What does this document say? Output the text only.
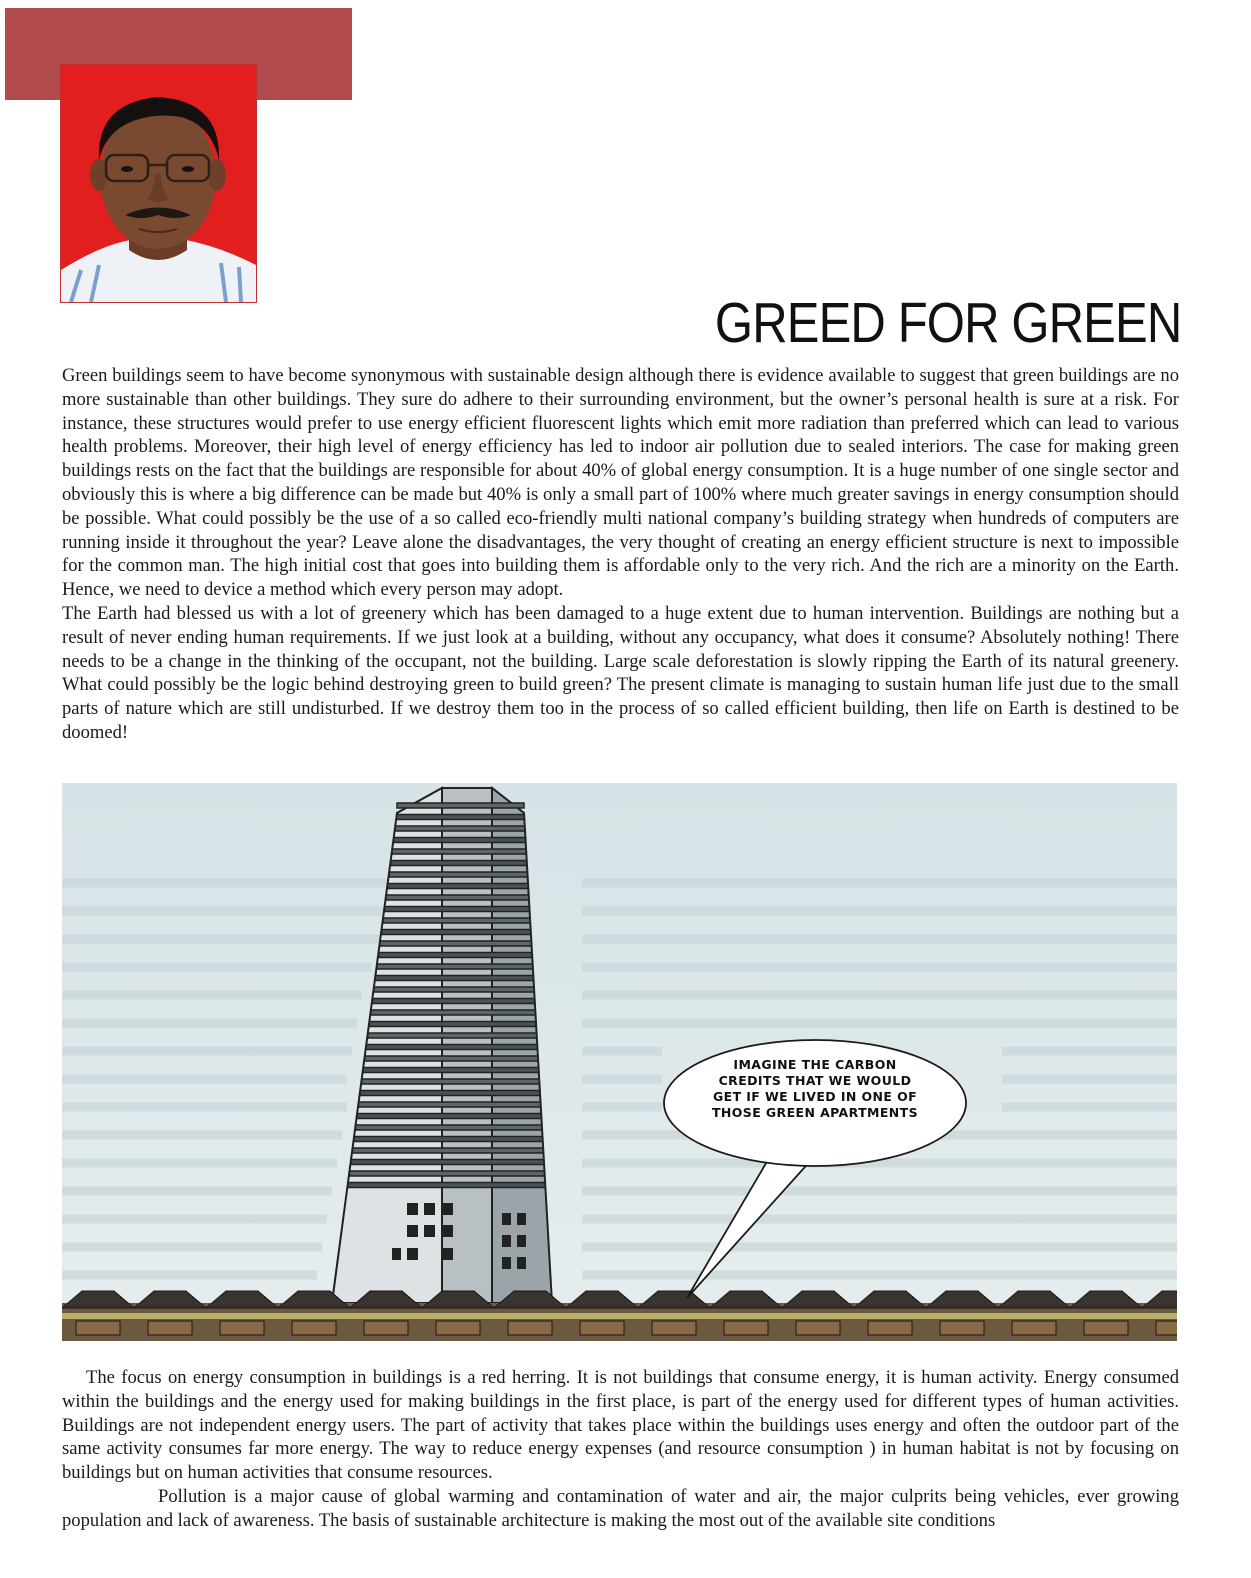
GREED FOR GREEN

Green buildings seem to have become synonymous with sustainable design although there is evidence available to suggest that green buildings are no more sustainable than other buildings. They sure do adhere to their surrounding environment, but the owner’s personal health is sure at a risk. For instance, these structures would prefer to use energy efficient fluorescent lights which emit more radiation than preferred which can lead to various health problems. Moreover, their high level of energy efficiency has led to indoor air pollution due to sealed interiors. The case for making green buildings rests on the fact that the buildings are responsible for about 40% of global energy consumption. It is a huge number of one single sector and obviously this is where a big difference can be made but 40% is only a small part of 100% where much greater savings in energy consumption should be possible. What could possibly be the use of a so called eco-friendly multi national company’s building strategy when hundreds of computers are running inside it throughout the year? Leave alone the disadvantages, the very thought of creating an energy efficient structure is next to impossible for the common man. The high initial cost that goes into building them is affordable only to the very rich. And the rich are a minority on the Earth. Hence, we need to device a method which every person may adopt.

The Earth had blessed us with a lot of greenery which has been damaged to a huge extent due to human intervention. Buildings are nothing but a result of never ending human requirements. If we just look at a building, without any occupancy, what does it consume? Absolutely nothing! There needs to be a change in the thinking of the occupant, not the building. Large scale deforestation is slowly ripping the Earth of its natural greenery. What could possibly be the logic behind destroying green to build green? The present climate is managing to sustain human life just due to the small parts of nature which are still undisturbed. If we destroy them too in the process of so called efficient building, then life on Earth is destined to be doomed!

IMAGINE THE CARBON
CREDITS THAT WE WOULD
GET IF WE LIVED IN ONE OF
THOSE GREEN APARTMENTS

The focus on energy consumption in buildings is a red herring. It is not buildings that consume energy, it is human activity. Energy consumed within the buildings and the energy used for making buildings in the first place, is part of the energy used for different types of human activities. Buildings are not independent energy users. The part of activity that takes place within the buildings uses energy and often the outdoor part of the same activity consumes far more energy. The way to reduce energy expenses (and resource consumption ) in human habitat is not by focusing on buildings but on human activities that consume resources.

Pollution is a major cause of global warming and contamination of water and air, the major culprits being vehicles, ever growing population and lack of awareness. The basis of sustainable architecture is making the most out of the available site conditions
